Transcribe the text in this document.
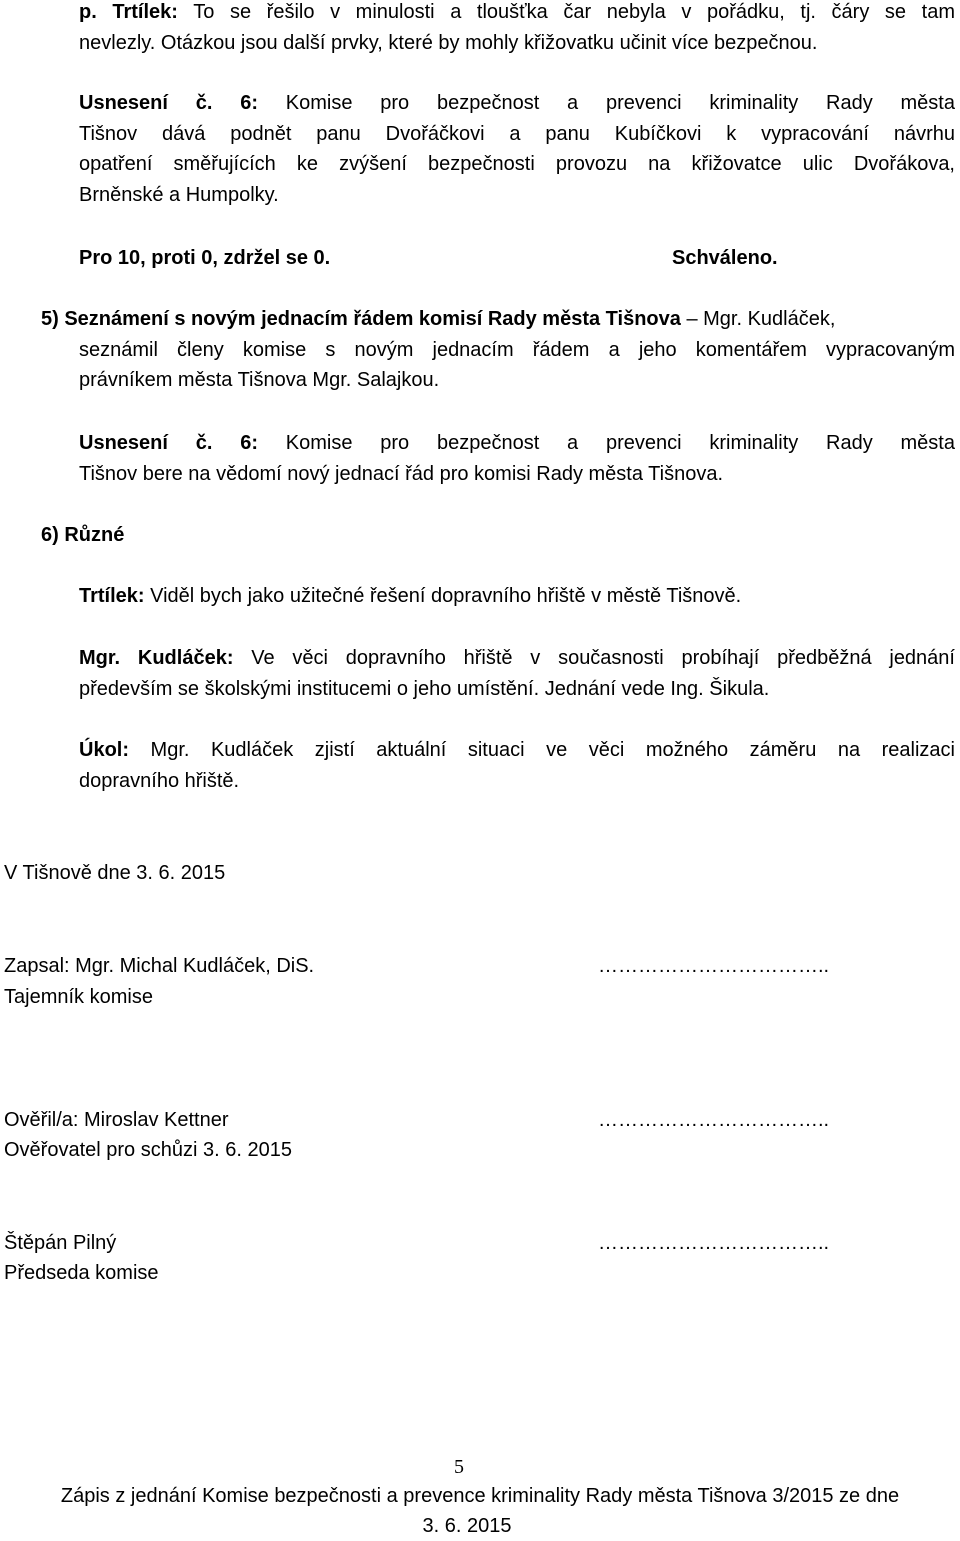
p. Trtílek: To se řešilo v minulosti a tloušťka čar nebyla v pořádku, tj. čáry se tam
nevlezly. Otázkou jsou další prvky, které by mohly křižovatku učinit více bezpečnou.
Usnesení č. 6: Komise pro bezpečnost a prevenci kriminality Rady města
Tišnov dává podnět panu Dvořáčkovi a panu Kubíčkovi k vypracování návrhu
opatření směřujících ke zvýšení bezpečnosti provozu na křižovatce ulic Dvořákova,
Brněnské a Humpolky.
Pro 10, proti 0, zdržel se 0.	Schváleno.
5) Seznámení s novým jednacím řádem komisí Rady města Tišnova – Mgr. Kudláček,
seznámil členy komise s novým jednacím řádem a jeho komentářem vypracovaným
právníkem města Tišnova Mgr. Salajkou.
Usnesení č. 6: Komise pro bezpečnost a prevenci kriminality Rady města
Tišnov bere na vědomí nový jednací řád pro komisi Rady města Tišnova.
6) Různé
Trtílek: Viděl bych jako užitečné řešení dopravního hřiště v městě Tišnově.
Mgr. Kudláček: Ve věci dopravního hřiště v současnosti probíhají předběžná jednání
především se školskými institucemi o jeho umístění. Jednání vede Ing. Šikula.
Úkol: Mgr. Kudláček zjistí aktuální situaci ve věci možného záměru na realizaci
dopravního hřiště.
V Tišnově dne 3. 6. 2015
Zapsal: Mgr. Michal Kudláček, DiS.	……………………………..
Tajemník komise
Ověřil/a: Miroslav Kettner	……………………………..
Ověřovatel pro schůzi 3. 6. 2015
Štěpán Pilný	……………………………..
Předseda komise
5
Zápis z jednání Komise bezpečnosti a prevence kriminality Rady města Tišnova 3/2015 ze dne
3. 6. 2015
